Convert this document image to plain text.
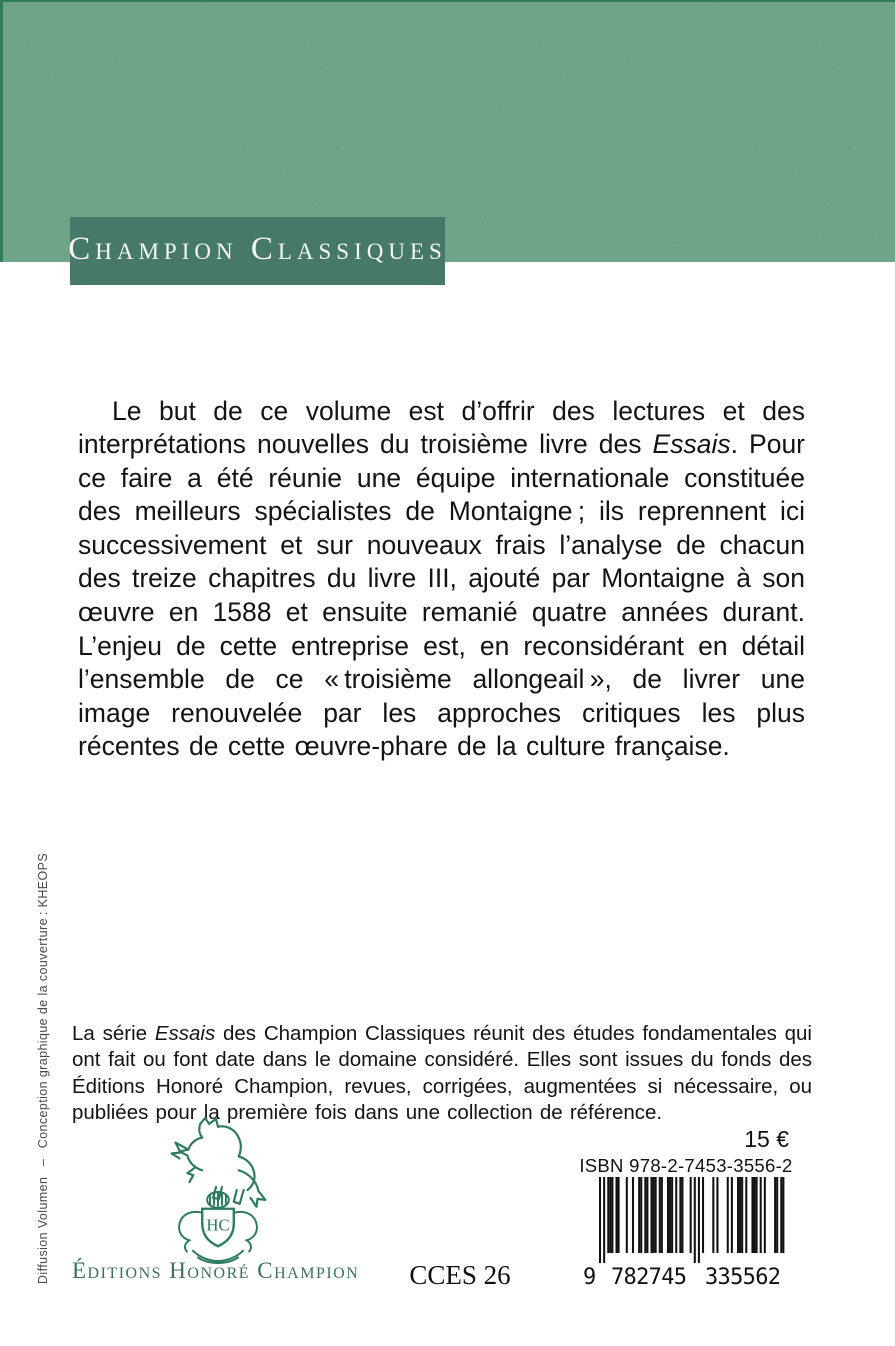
Champion Classiques

Le but de ce volume est d’offrir des lectures et des interprétations nouvelles du troisième livre des Essais. Pour ce faire a été réunie une équipe internationale constituée des meilleurs spécialistes de Montaigne ; ils reprennent ici successivement et sur nouveaux frais l’analyse de chacun des treize chapitres du livre III, ajouté par Montaigne à son œuvre en 1588 et ensuite remanié quatre années durant. L’enjeu de cette entreprise est, en reconsidérant en détail l’ensemble de ce « troisième allongeail », de livrer une image renouvelée par les approches critiques les plus récentes de cette œuvre-phare de la culture française.

Diffusion Volumen  –  Conception graphique de la couverture : KHEOPS La série Essais des Champion Classiques réunit des études fondamentales qui ont fait ou font date dans le domaine considéré. Elles sont issues du fonds des Éditions Honoré Champion, revues, corrigées, augmentées si nécessaire, ou publiées pour la première fois dans une collection de référence.

HC
Éditions Honoré Champion CCES 26
15 €
ISBN 978-2-7453-3556-2
9 782745 335562
